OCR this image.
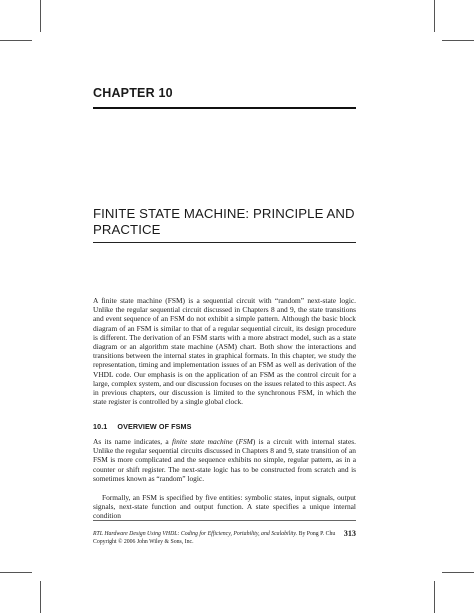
CHAPTER 10
FINITE STATE MACHINE: PRINCIPLE AND PRACTICE

A finite state machine (FSM) is a sequential circuit with “random” next-state logic. Unlike the regular sequential circuit discussed in Chapters 8 and 9, the state transitions and event sequence of an FSM do not exhibit a simple pattern. Although the basic block diagram of an FSM is similar to that of a regular sequential circuit, its design procedure is different. The derivation of an FSM starts with a more abstract model, such as a state diagram or an algorithm state machine (ASM) chart. Both show the interactions and transitions between the internal states in graphical formats. In this chapter, we study the representation, timing and implementation issues of an FSM as well as derivation of the VHDL code. Our emphasis is on the application of an FSM as the control circuit for a large, complex system, and our discussion focuses on the issues related to this aspect. As in previous chapters, our discussion is limited to the synchronous FSM, in which the state register is controlled by a single global clock.

10.1 OVERVIEW OF FSMS

As its name indicates, a finite state machine (FSM) is a circuit with internal states. Unlike the regular sequential circuits discussed in Chapters 8 and 9, state transition of an FSM is more complicated and the sequence exhibits no simple, regular pattern, as in a counter or shift register. The next-state logic has to be constructed from scratch and is sometimes known as “random” logic.

Formally, an FSM is specified by five entities: symbolic states, input signals, output signals, next-state function and output function. A state specifies a unique internal condition

RTL Hardware Design Using VHDL: Coding for Efficiency, Portability, and Scalability. By Pong P. Chu
Copyright © 2006 John Wiley & Sons, Inc.
313
